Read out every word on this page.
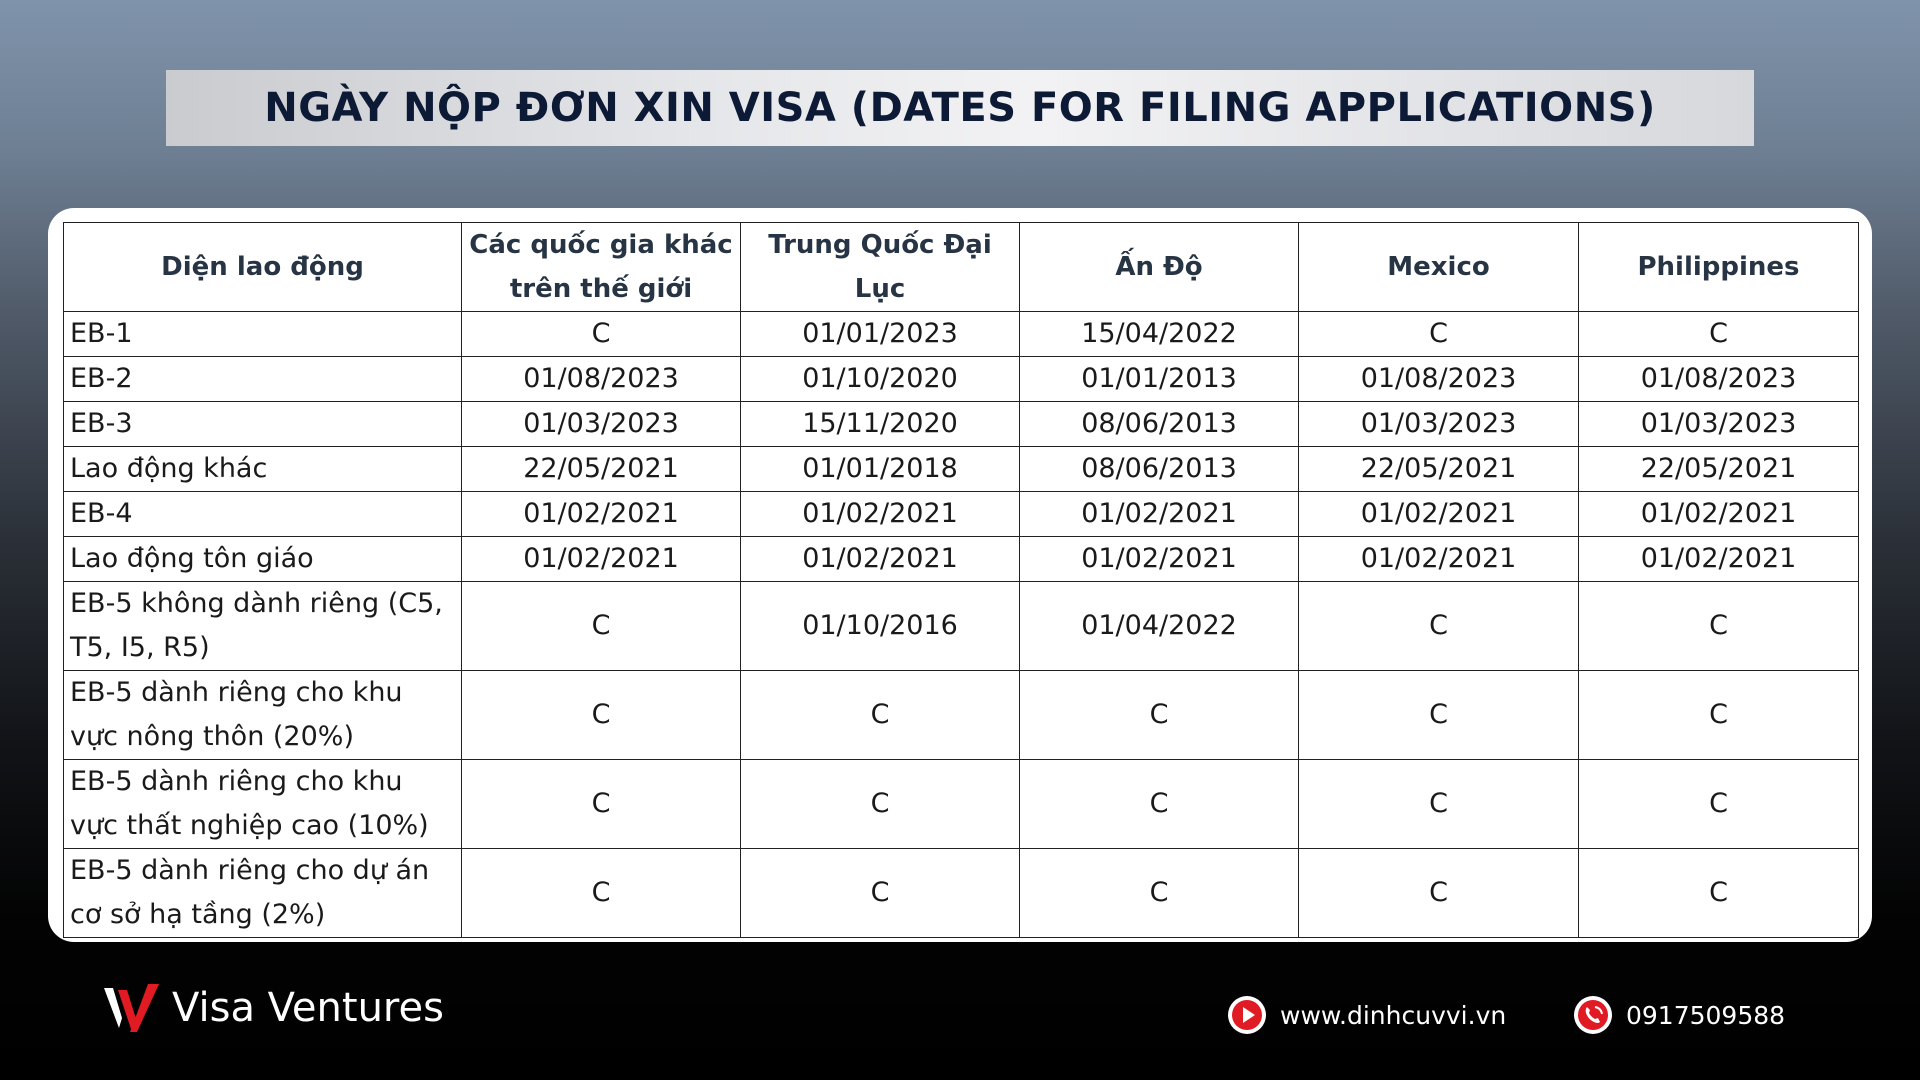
NGÀY NỘP ĐƠN XIN VISA (DATES FOR FILING APPLICATIONS)
Diện lao động	Các quốc gia khác trên thế giới	Trung Quốc Đại Lục	Ấn Độ	Mexico	Philippines
EB-1	C	01/01/2023	15/04/2022	C	C
EB-2	01/08/2023	01/10/2020	01/01/2013	01/08/2023	01/08/2023
EB-3	01/03/2023	15/11/2020	08/06/2013	01/03/2023	01/03/2023
Lao động khác	22/05/2021	01/01/2018	08/06/2013	22/05/2021	22/05/2021
EB-4	01/02/2021	01/02/2021	01/02/2021	01/02/2021	01/02/2021
Lao động tôn giáo	01/02/2021	01/02/2021	01/02/2021	01/02/2021	01/02/2021
EB-5 không dành riêng (C5, T5, I5, R5)	C	01/10/2016	01/04/2022	C	C
EB-5 dành riêng cho khu vực nông thôn (20%)	C	C	C	C	C
EB-5 dành riêng cho khu vực thất nghiệp cao (10%)	C	C	C	C	C
EB-5 dành riêng cho dự án cơ sở hạ tầng (2%)	C	C	C	C	C
Visa Ventures	www.dinhcuvvi.vn	0917509588
